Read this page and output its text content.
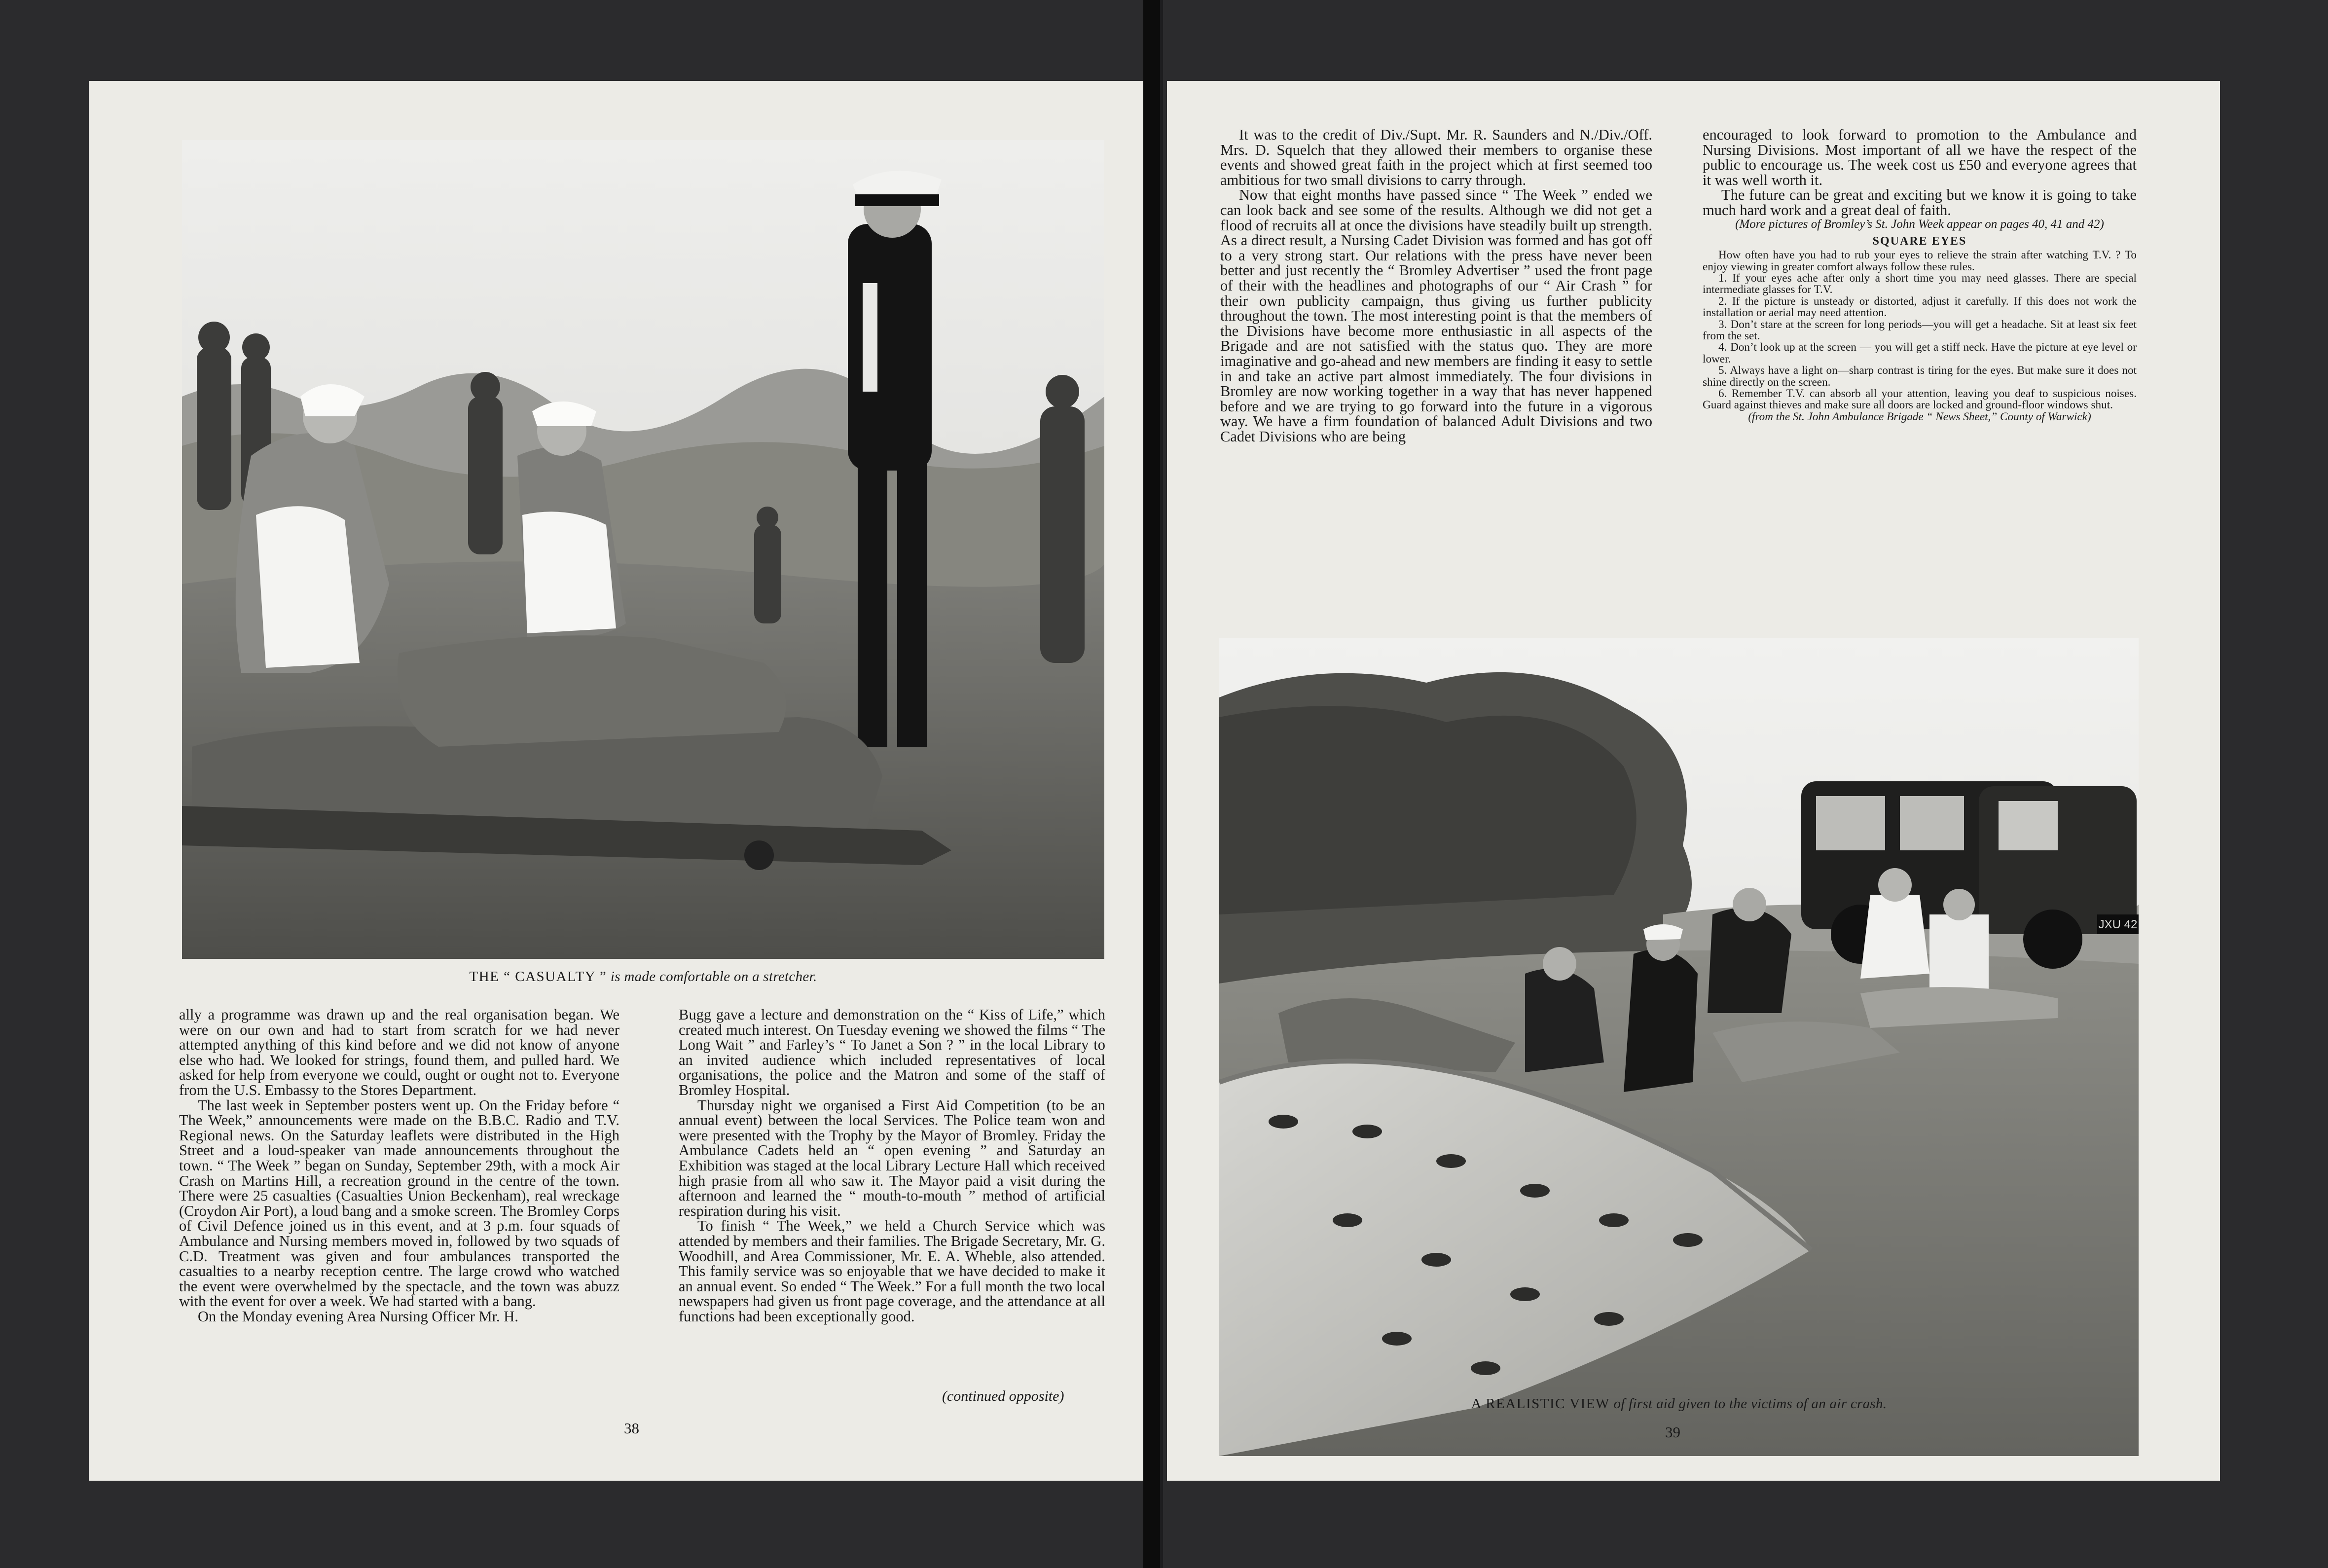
THE “ CASUALTY ” is made comfortable on a stretcher.

ally a programme was drawn up and the real organisation began. We were on our own and had to start from scratch for we had never attempted anything of this kind before and we did not know of anyone else who had. We looked for strings, found them, and pulled hard. We asked for help from everyone we could, ought or ought not to. Everyone from the U.S. Embassy to the Stores Department.

The last week in September posters went up. On the Friday before “ The Week,” announcements were made on the B.B.C. Radio and T.V. Regional news. On the Saturday leaflets were distributed in the High Street and a loud-speaker van made announcements throughout the town. “ The Week ” began on Sunday, September 29th, with a mock Air Crash on Martins Hill, a recreation ground in the centre of the town. There were 25 casualties (Casualties Union Beckenham), real wreckage (Croydon Air Port), a loud bang and a smoke screen. The Bromley Corps of Civil Defence joined us in this event, and at 3 p.m. four squads of Ambulance and Nursing members moved in, followed by two squads of C.D. Treatment was given and four ambulances transported the casualties to a nearby reception centre. The large crowd who watched the event were overwhelmed by the spectacle, and the town was abuzz with the event for over a week. We had started with a bang.

On the Monday evening Area Nursing Officer Mr. H.

Bugg gave a lecture and demonstration on the “ Kiss of Life,” which created much interest. On Tuesday evening we showed the films “ The Long Wait ” and Farley’s “ To Janet a Son ? ” in the local Library to an invited audience which included representatives of local organisations, the police and the Matron and some of the staff of Bromley Hospital.

Thursday night we organised a First Aid Competition (to be an annual event) between the local Services. The Police team won and were presented with the Trophy by the Mayor of Bromley. Friday the Ambulance Cadets held an “ open evening ” and Saturday an Exhibition was staged at the local Library Lecture Hall which received high prasie from all who saw it. The Mayor paid a visit during the afternoon and learned the “ mouth-to-mouth ” method of artificial respiration during his visit.

To finish “ The Week,” we held a Church Service which was attended by members and their families. The Brigade Secretary, Mr. G. Woodhill, and Area Commissioner, Mr. E. A. Wheble, also attended. This family service was so enjoyable that we have decided to make it an annual event. So ended “ The Week.” For a full month the two local newspapers had given us front page coverage, and the attendance at all functions had been exceptionally good.

(continued opposite)
38

It was to the credit of Div./Supt. Mr. R. Saunders and N./Div./Off. Mrs. D. Squelch that they allowed their members to organise these events and showed great faith in the project which at first seemed too ambitious for two small divisions to carry through.

Now that eight months have passed since “ The Week ” ended we can look back and see some of the results. Although we did not get a flood of recruits all at once the divisions have steadily built up strength. As a direct result, a Nursing Cadet Division was formed and has got off to a very strong start. Our relations with the press have never been better and just recently the “ Bromley Advertiser ” used the front page of their with the headlines and photographs of our “ Air Crash ” for their own publicity campaign, thus giving us further publicity throughout the town. The most interesting point is that the members of the Divisions have become more enthusiastic in all aspects of the Brigade and are not satisfied with the status quo. They are more imaginative and go-ahead and new members are finding it easy to settle in and take an active part almost immediately. The four divisions in Bromley are now working together in a way that has never happened before and we are trying to go forward into the future in a vigorous way. We have a firm foundation of balanced Adult Divisions and two Cadet Divisions who are being

encouraged to look forward to promotion to the Ambulance and Nursing Divisions. Most important of all we have the respect of the public to encourage us. The week cost us £50 and everyone agrees that it was well worth it.

The future can be great and exciting but we know it is going to take much hard work and a great deal of faith.

(More pictures of Bromley’s St. John Week appear on pages 40, 41 and 42)

SQUARE EYES

How often have you had to rub your eyes to relieve the strain after watching T.V. ? To enjoy viewing in greater comfort always follow these rules.

1. If your eyes ache after only a short time you may need glasses. There are special intermediate glasses for T.V.

2. If the picture is unsteady or distorted, adjust it carefully. If this does not work the installation or aerial may need attention.

3. Don’t stare at the screen for long periods—you will get a headache. Sit at least six feet from the set.

4. Don’t look up at the screen — you will get a stiff neck. Have the picture at eye level or lower.

5. Always have a light on—sharp contrast is tiring for the eyes. But make sure it does not shine directly on the screen.

6. Remember T.V. can absorb all your attention, leaving you deaf to suspicious noises. Guard against thieves and make sure all doors are locked and ground-floor windows shut.

(from the St. John Ambulance Brigade “ News Sheet,” County of Warwick)

JXU 42
A REALISTIC VIEW of first aid given to the victims of an air crash.
39
